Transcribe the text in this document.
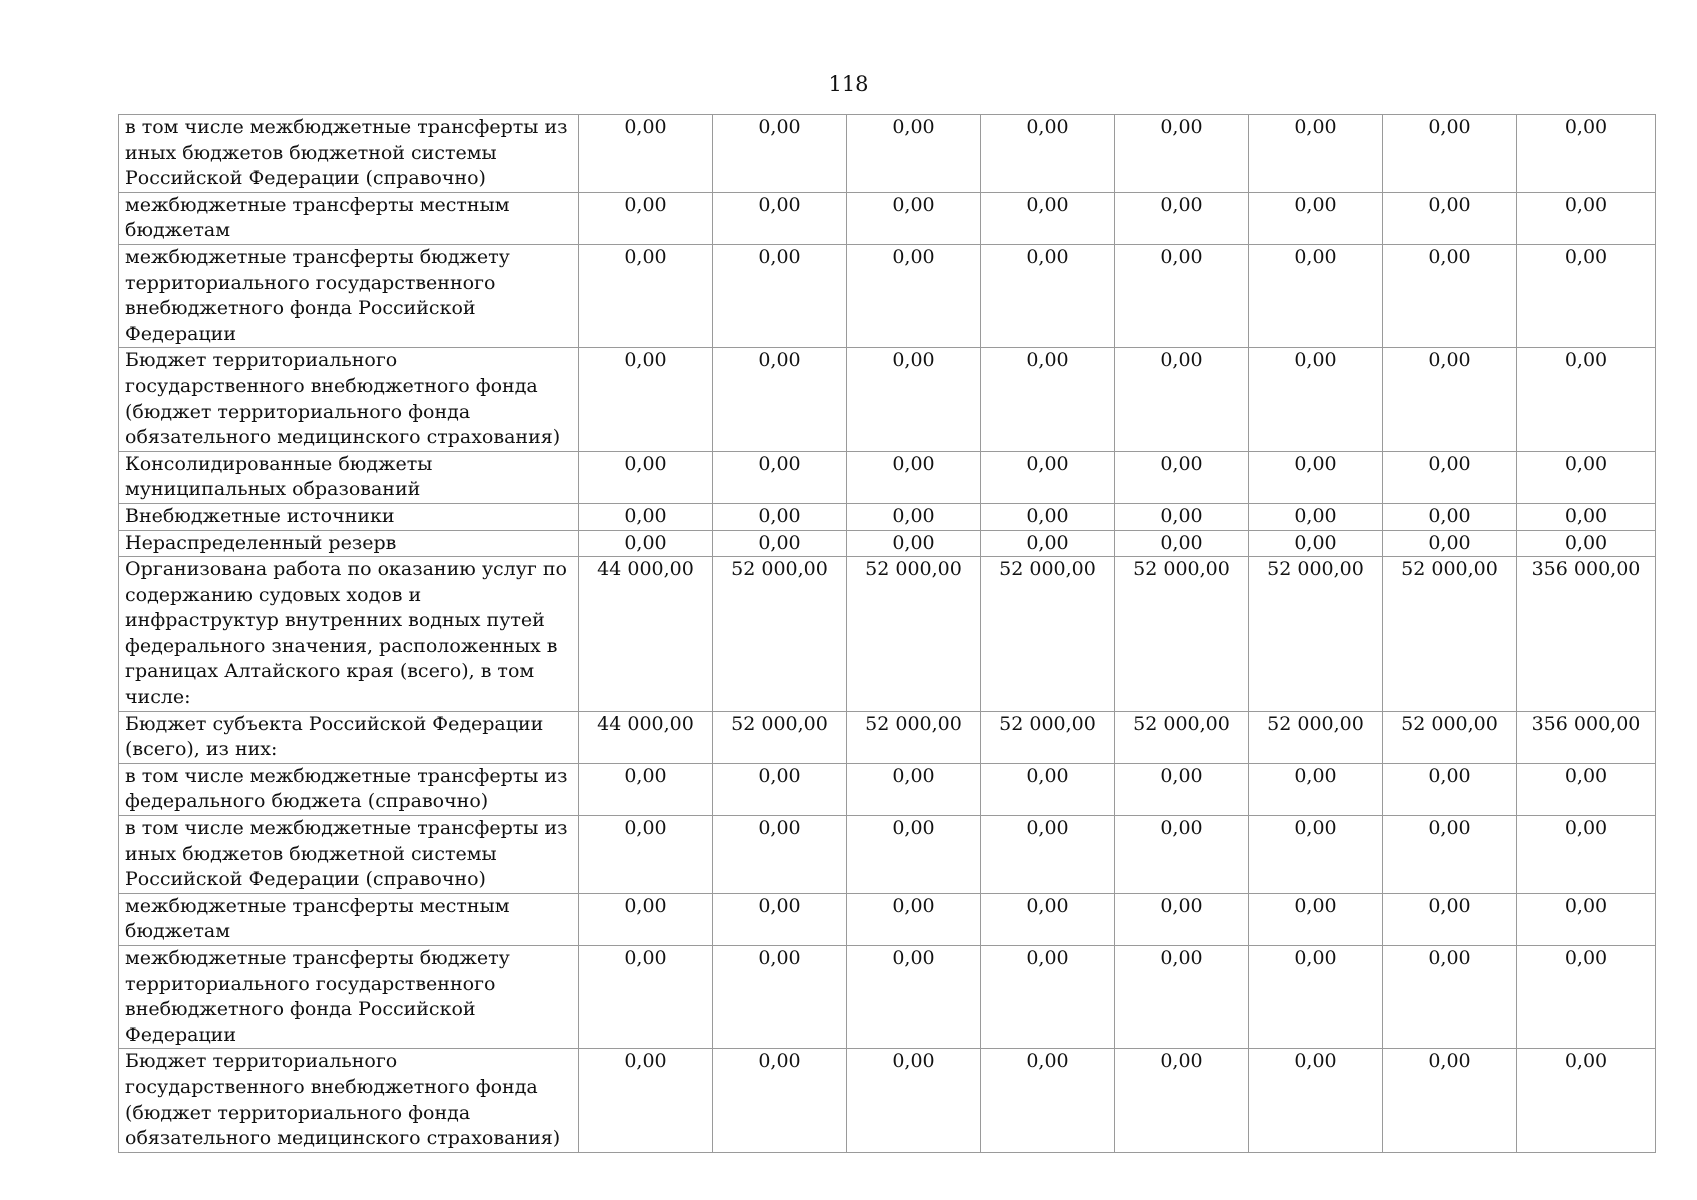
118
в том числе межбюджетные трансферты из иных бюджетов бюджетной системы Российской Федерации (справочно)	0,00	0,00	0,00	0,00	0,00	0,00	0,00	0,00
межбюджетные трансферты местным бюджетам	0,00	0,00	0,00	0,00	0,00	0,00	0,00	0,00
межбюджетные трансферты бюджету территориального государственного внебюджетного фонда Российской Федерации	0,00	0,00	0,00	0,00	0,00	0,00	0,00	0,00
Бюджет территориального государственного внебюджетного фонда (бюджет территориального фонда обязательного медицинского страхования)	0,00	0,00	0,00	0,00	0,00	0,00	0,00	0,00
Консолидированные бюджеты муниципальных образований	0,00	0,00	0,00	0,00	0,00	0,00	0,00	0,00
Внебюджетные источники	0,00	0,00	0,00	0,00	0,00	0,00	0,00	0,00
Нераспределенный резерв	0,00	0,00	0,00	0,00	0,00	0,00	0,00	0,00
Организована работа по оказанию услуг по содержанию судовых ходов и инфраструктур внутренних водных путей федерального значения, расположенных в границах Алтайского края (всего), в том числе:	44 000,00	52 000,00	52 000,00	52 000,00	52 000,00	52 000,00	52 000,00	356 000,00
Бюджет субъекта Российской Федерации (всего), из них:	44 000,00	52 000,00	52 000,00	52 000,00	52 000,00	52 000,00	52 000,00	356 000,00
в том числе межбюджетные трансферты из федерального бюджета (справочно)	0,00	0,00	0,00	0,00	0,00	0,00	0,00	0,00
в том числе межбюджетные трансферты из иных бюджетов бюджетной системы Российской Федерации (справочно)	0,00	0,00	0,00	0,00	0,00	0,00	0,00	0,00
межбюджетные трансферты местным бюджетам	0,00	0,00	0,00	0,00	0,00	0,00	0,00	0,00
межбюджетные трансферты бюджету территориального государственного внебюджетного фонда Российской Федерации	0,00	0,00	0,00	0,00	0,00	0,00	0,00	0,00
Бюджет территориального государственного внебюджетного фонда (бюджет территориального фонда обязательного медицинского страхования)	0,00	0,00	0,00	0,00	0,00	0,00	0,00	0,00
